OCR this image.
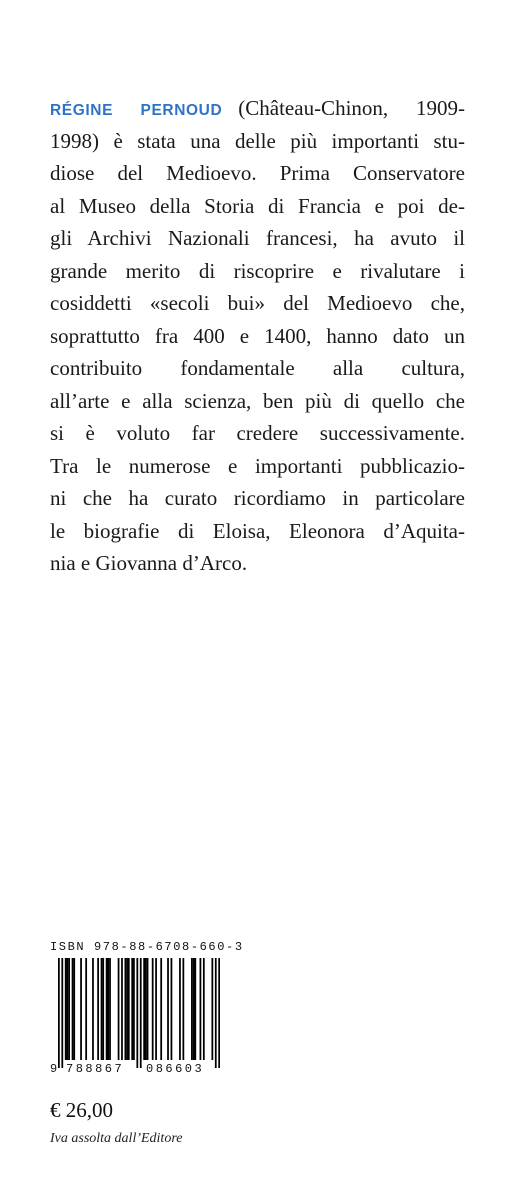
RÉGINE PERNOUD (Château-Chinon, 1909-
1998) è stata una delle più importanti stu-
diose del Medioevo. Prima Conservatore
al Museo della Storia di Francia e poi de-
gli Archivi Nazionali francesi, ha avuto il
grande merito di riscoprire e rivalutare i
cosiddetti «secoli bui» del Medioevo che,
soprattutto fra 400 e 1400, hanno dato un
contribuito fondamentale alla cultura,
all’arte e alla scienza, ben più di quello che
si è voluto far credere successivamente.
Tra le numerose e importanti pubblicazio-
ni che ha curato ricordiamo in particolare
le biografie di Eloisa, Eleonora d’Aquita-
nia e Giovanna d’Arco.
ISBN 978-88-6708-660-3
9 788867 086603
€ 26,00
Iva assolta dall’Editore
